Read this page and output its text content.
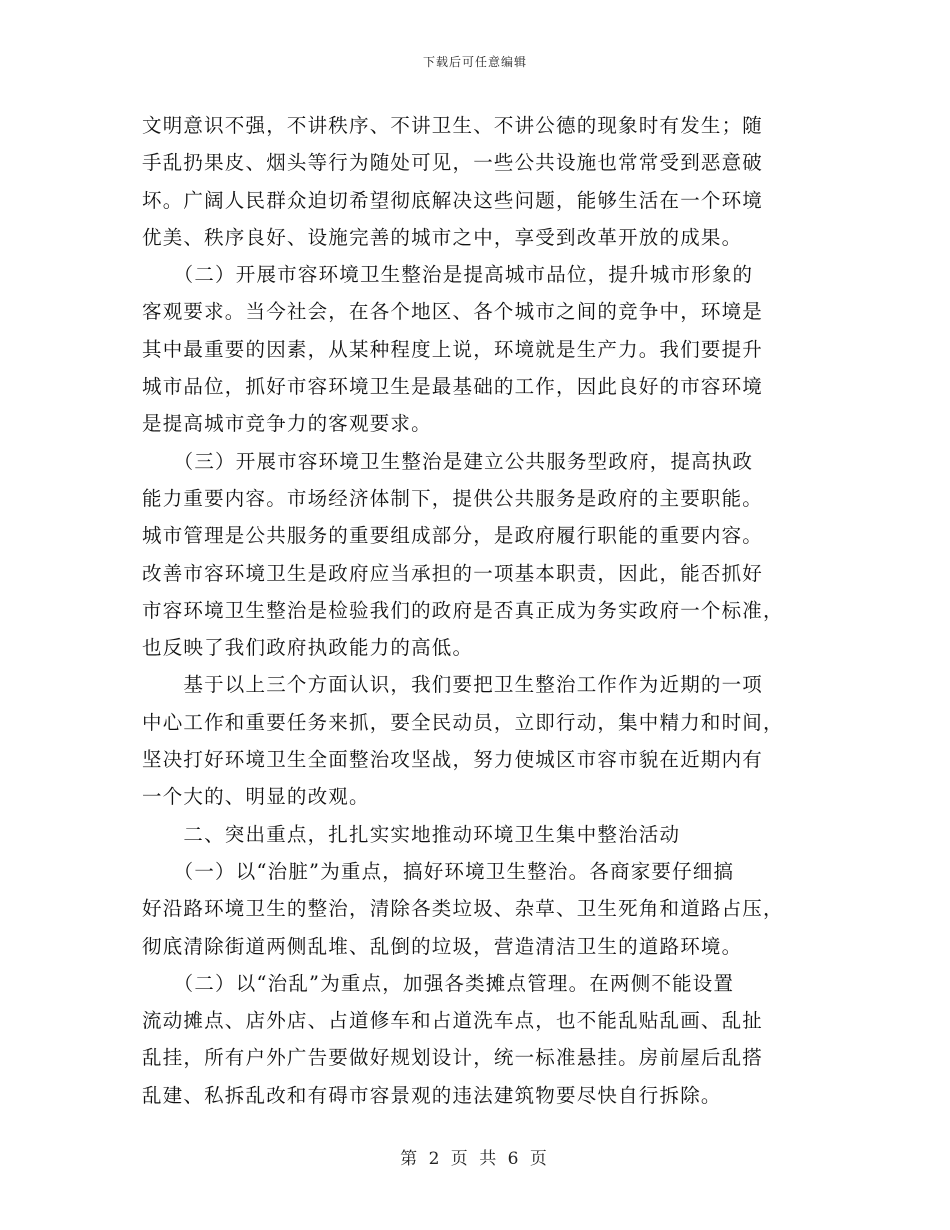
下载后可任意编辑

文明意识不强，不讲秩序、不讲卫生、不讲公德的现象时有发生；随
手乱扔果皮、烟头等行为随处可见，一些公共设施也常常受到恶意破
坏。广阔人民群众迫切希望彻底解决这些问题，能够生活在一个环境
优美、秩序良好、设施完善的城市之中，享受到改革开放的成果。

　　（二）开展市容环境卫生整治是提高城市品位，提升城市形象的
客观要求。当今社会，在各个地区、各个城市之间的竞争中，环境是
其中最重要的因素，从某种程度上说，环境就是生产力。我们要提升
城市品位，抓好市容环境卫生是最基础的工作，因此良好的市容环境
是提高城市竞争力的客观要求。

　　（三）开展市容环境卫生整治是建立公共服务型政府，提高执政
能力重要内容。市场经济体制下，提供公共服务是政府的主要职能。
城市管理是公共服务的重要组成部分，是政府履行职能的重要内容。
改善市容环境卫生是政府应当承担的一项基本职责，因此，能否抓好
市容环境卫生整治是检验我们的政府是否真正成为务实政府一个标准，
也反映了我们政府执政能力的高低。

　　基于以上三个方面认识，我们要把卫生整治工作作为近期的一项
中心工作和重要任务来抓，要全民动员，立即行动，集中精力和时间，
坚决打好环境卫生全面整治攻坚战，努力使城区市容市貌在近期内有
一个大的、明显的改观。

　　二、突出重点，扎扎实实地推动环境卫生集中整治活动

　　（一）以“治脏”为重点，搞好环境卫生整治。各商家要仔细搞
好沿路环境卫生的整治，清除各类垃圾、杂草、卫生死角和道路占压，
彻底清除街道两侧乱堆、乱倒的垃圾，营造清洁卫生的道路环境。

　　（二）以“治乱”为重点，加强各类摊点管理。在两侧不能设置
流动摊点、店外店、占道修车和占道洗车点，也不能乱贴乱画、乱扯
乱挂，所有户外广告要做好规划设计，统一标准悬挂。房前屋后乱搭
乱建、私拆乱改和有碍市容景观的违法建筑物要尽快自行拆除。

第 2 页 共 6 页
